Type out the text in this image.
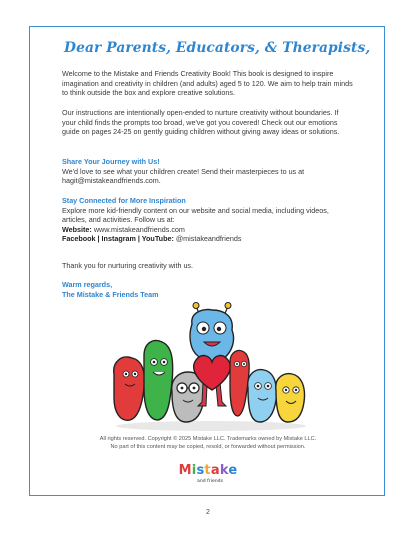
Dear Parents, Educators, & Therapists,
Welcome to the Mistake and Friends Creativity Book! This book is designed to inspire imagination and creativity in children (and adults) aged 5 to 120. We aim to help train minds to think outside the box and explore creative solutions.
Our instructions are intentionally open-ended to nurture creativity without boundaries. If your child finds the prompts too broad, we've got you covered! Check out our emotions guide on pages 24-25 on gently guiding children without giving away ideas or solutions.
Share Your Journey with Us!
We'd love to see what your children create! Send their masterpieces to us at hagit@mistakeandfriends.com.
Stay Connected for More Inspiration
Explore more kid-friendly content on our website and social media, including videos, articles, and activities. Follow us at:
Website: www.mistakeandfriends.com
Facebook | Instagram | YouTube: @mistakeandfriends
Thank you for nurturing creativity with us.
Warm regards,
The Mistake & Friends Team
All rights reserved. Copyright © 2025 Mistake LLC. Trademarks owned by Mistake LLC.
No part of this content may be copied, resold, or forwarded without permission.
Mistake
and friends
2
